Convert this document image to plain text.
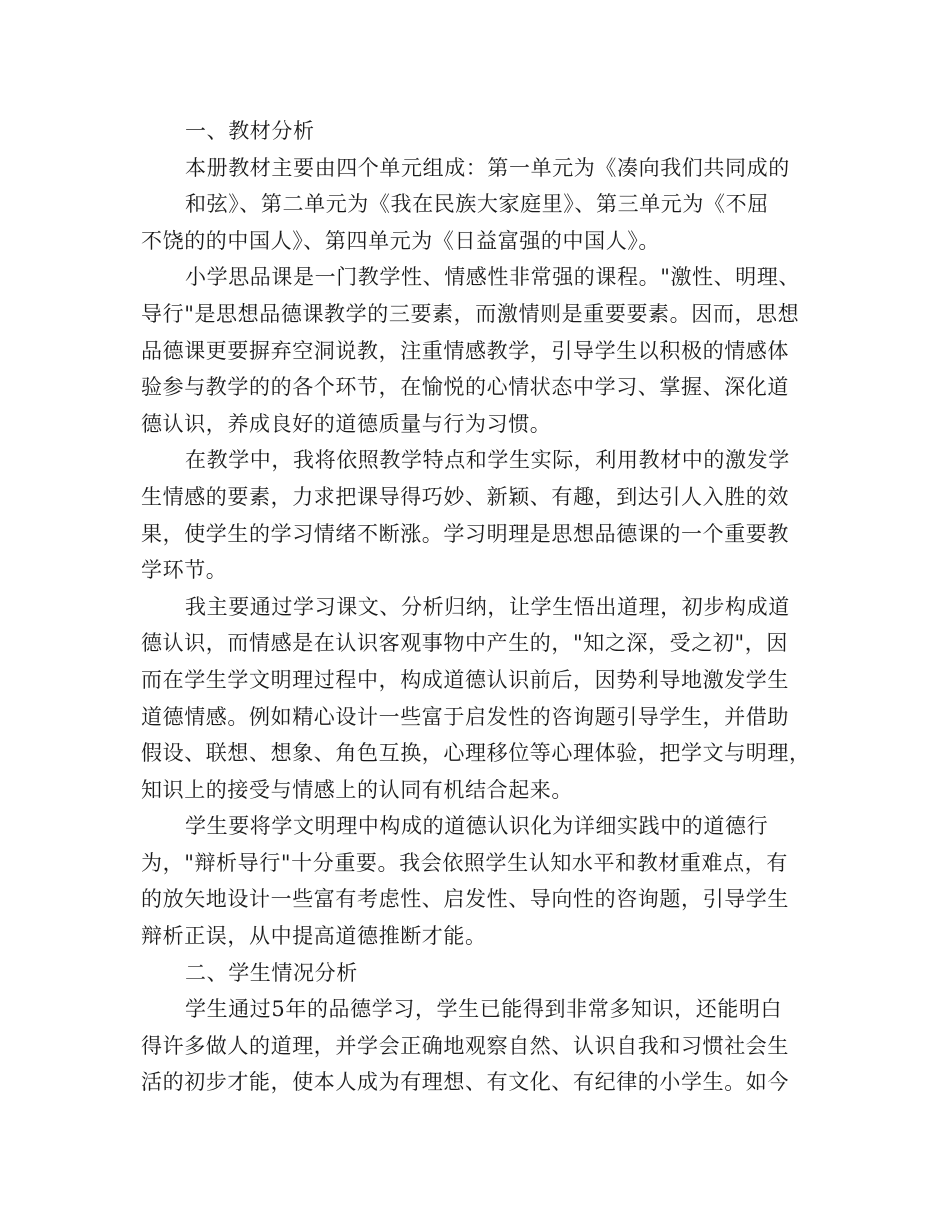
一、教材分析
本册教材主要由四个单元组成：第一单元为《凑向我们共同成的
和弦》、第二单元为《我在民族大家庭里》、第三单元为《不屈
不饶的的中国人》、第四单元为《日益富强的中国人》。
小学思品课是一门教学性、情感性非常强的课程。"激性、明理、
导行"是思想品德课教学的三要素，而激情则是重要要素。因而，思想
品德课更要摒弃空洞说教，注重情感教学，引导学生以积极的情感体
验参与教学的的各个环节，在愉悦的心情状态中学习、掌握、深化道
德认识，养成良好的道德质量与行为习惯。
在教学中，我将依照教学特点和学生实际，利用教材中的激发学
生情感的要素，力求把课导得巧妙、新颖、有趣，到达引人入胜的效
果，使学生的学习情绪不断涨。学习明理是思想品德课的一个重要教
学环节。
我主要通过学习课文、分析归纳，让学生悟出道理，初步构成道
德认识，而情感是在认识客观事物中产生的，"知之深，受之初"，因
而在学生学文明理过程中，构成道德认识前后，因势利导地激发学生
道德情感。例如精心设计一些富于启发性的咨询题引导学生，并借助
假设、联想、想象、角色互换，心理移位等心理体验，把学文与明理，
知识上的接受与情感上的认同有机结合起来。
学生要将学文明理中构成的道德认识化为详细实践中的道德行
为，"辩析导行"十分重要。我会依照学生认知水平和教材重难点，有
的放矢地设计一些富有考虑性、启发性、导向性的咨询题，引导学生
辩析正误，从中提高道德推断才能。
二、学生情况分析
学生通过5年的品德学习，学生已能得到非常多知识，还能明白
得许多做人的道理，并学会正确地观察自然、认识自我和习惯社会生
活的初步才能，使本人成为有理想、有文化、有纪律的小学生。如今
